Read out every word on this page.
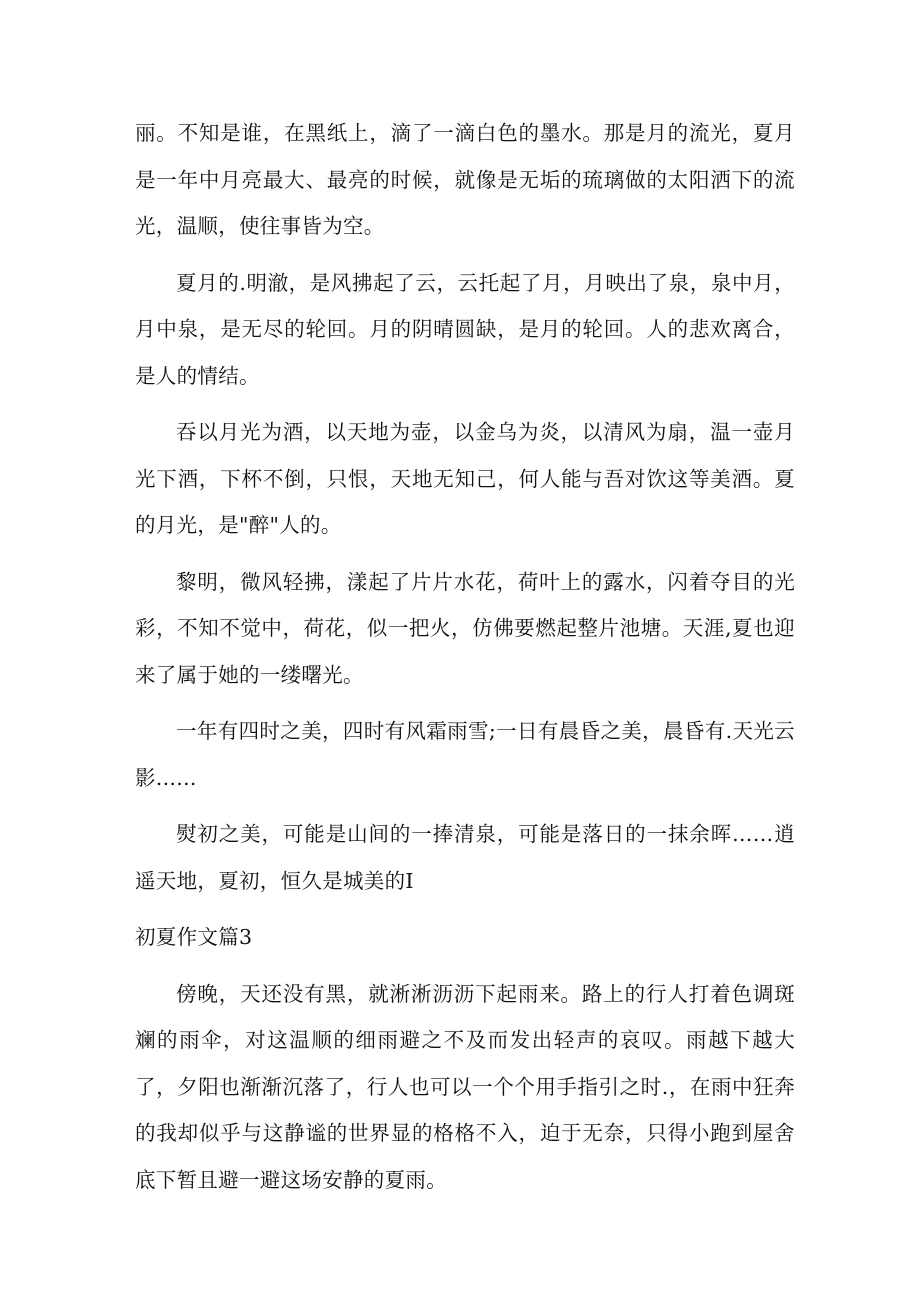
丽。不知是谁，在黑纸上，滴了一滴白色的墨水。那是月的流光，夏月是一年中月亮最大、最亮的时候，就像是无垢的琉璃做的太阳洒下的流光，温顺，使往事皆为空。

夏月的.明澈，是风拂起了云，云托起了月，月映出了泉，泉中月，月中泉，是无尽的轮回。月的阴晴圆缺，是月的轮回。人的悲欢离合，是人的情结。

吞以月光为酒，以天地为壶，以金乌为炎，以清风为扇，温一壶月光下酒，下杯不倒，只恨，天地无知己，何人能与吾对饮这等美酒。夏的月光，是"醉"人的。

黎明，微风轻拂，漾起了片片水花，荷叶上的露水，闪着夺目的光彩，不知不觉中，荷花，似一把火，仿佛要燃起整片池塘。天涯,夏也迎来了属于她的一缕曙光。

一年有四时之美，四时有风霜雨雪;一日有晨昏之美，晨昏有.天光云影......

熨初之美，可能是山间的一捧清泉，可能是落日的一抹余晖……逍遥天地，夏初，恒久是城美的I

初夏作文篇3

傍晚，天还没有黑，就淅淅沥沥下起雨来。路上的行人打着色调斑斓的雨伞，对这温顺的细雨避之不及而发出轻声的哀叹。雨越下越大了，夕阳也渐渐沉落了，行人也可以一个个用手指引之时.，在雨中狂奔的我却似乎与这静谧的世界显的格格不入，迫于无奈，只得小跑到屋舍底下暂且避一避这场安静的夏雨。
